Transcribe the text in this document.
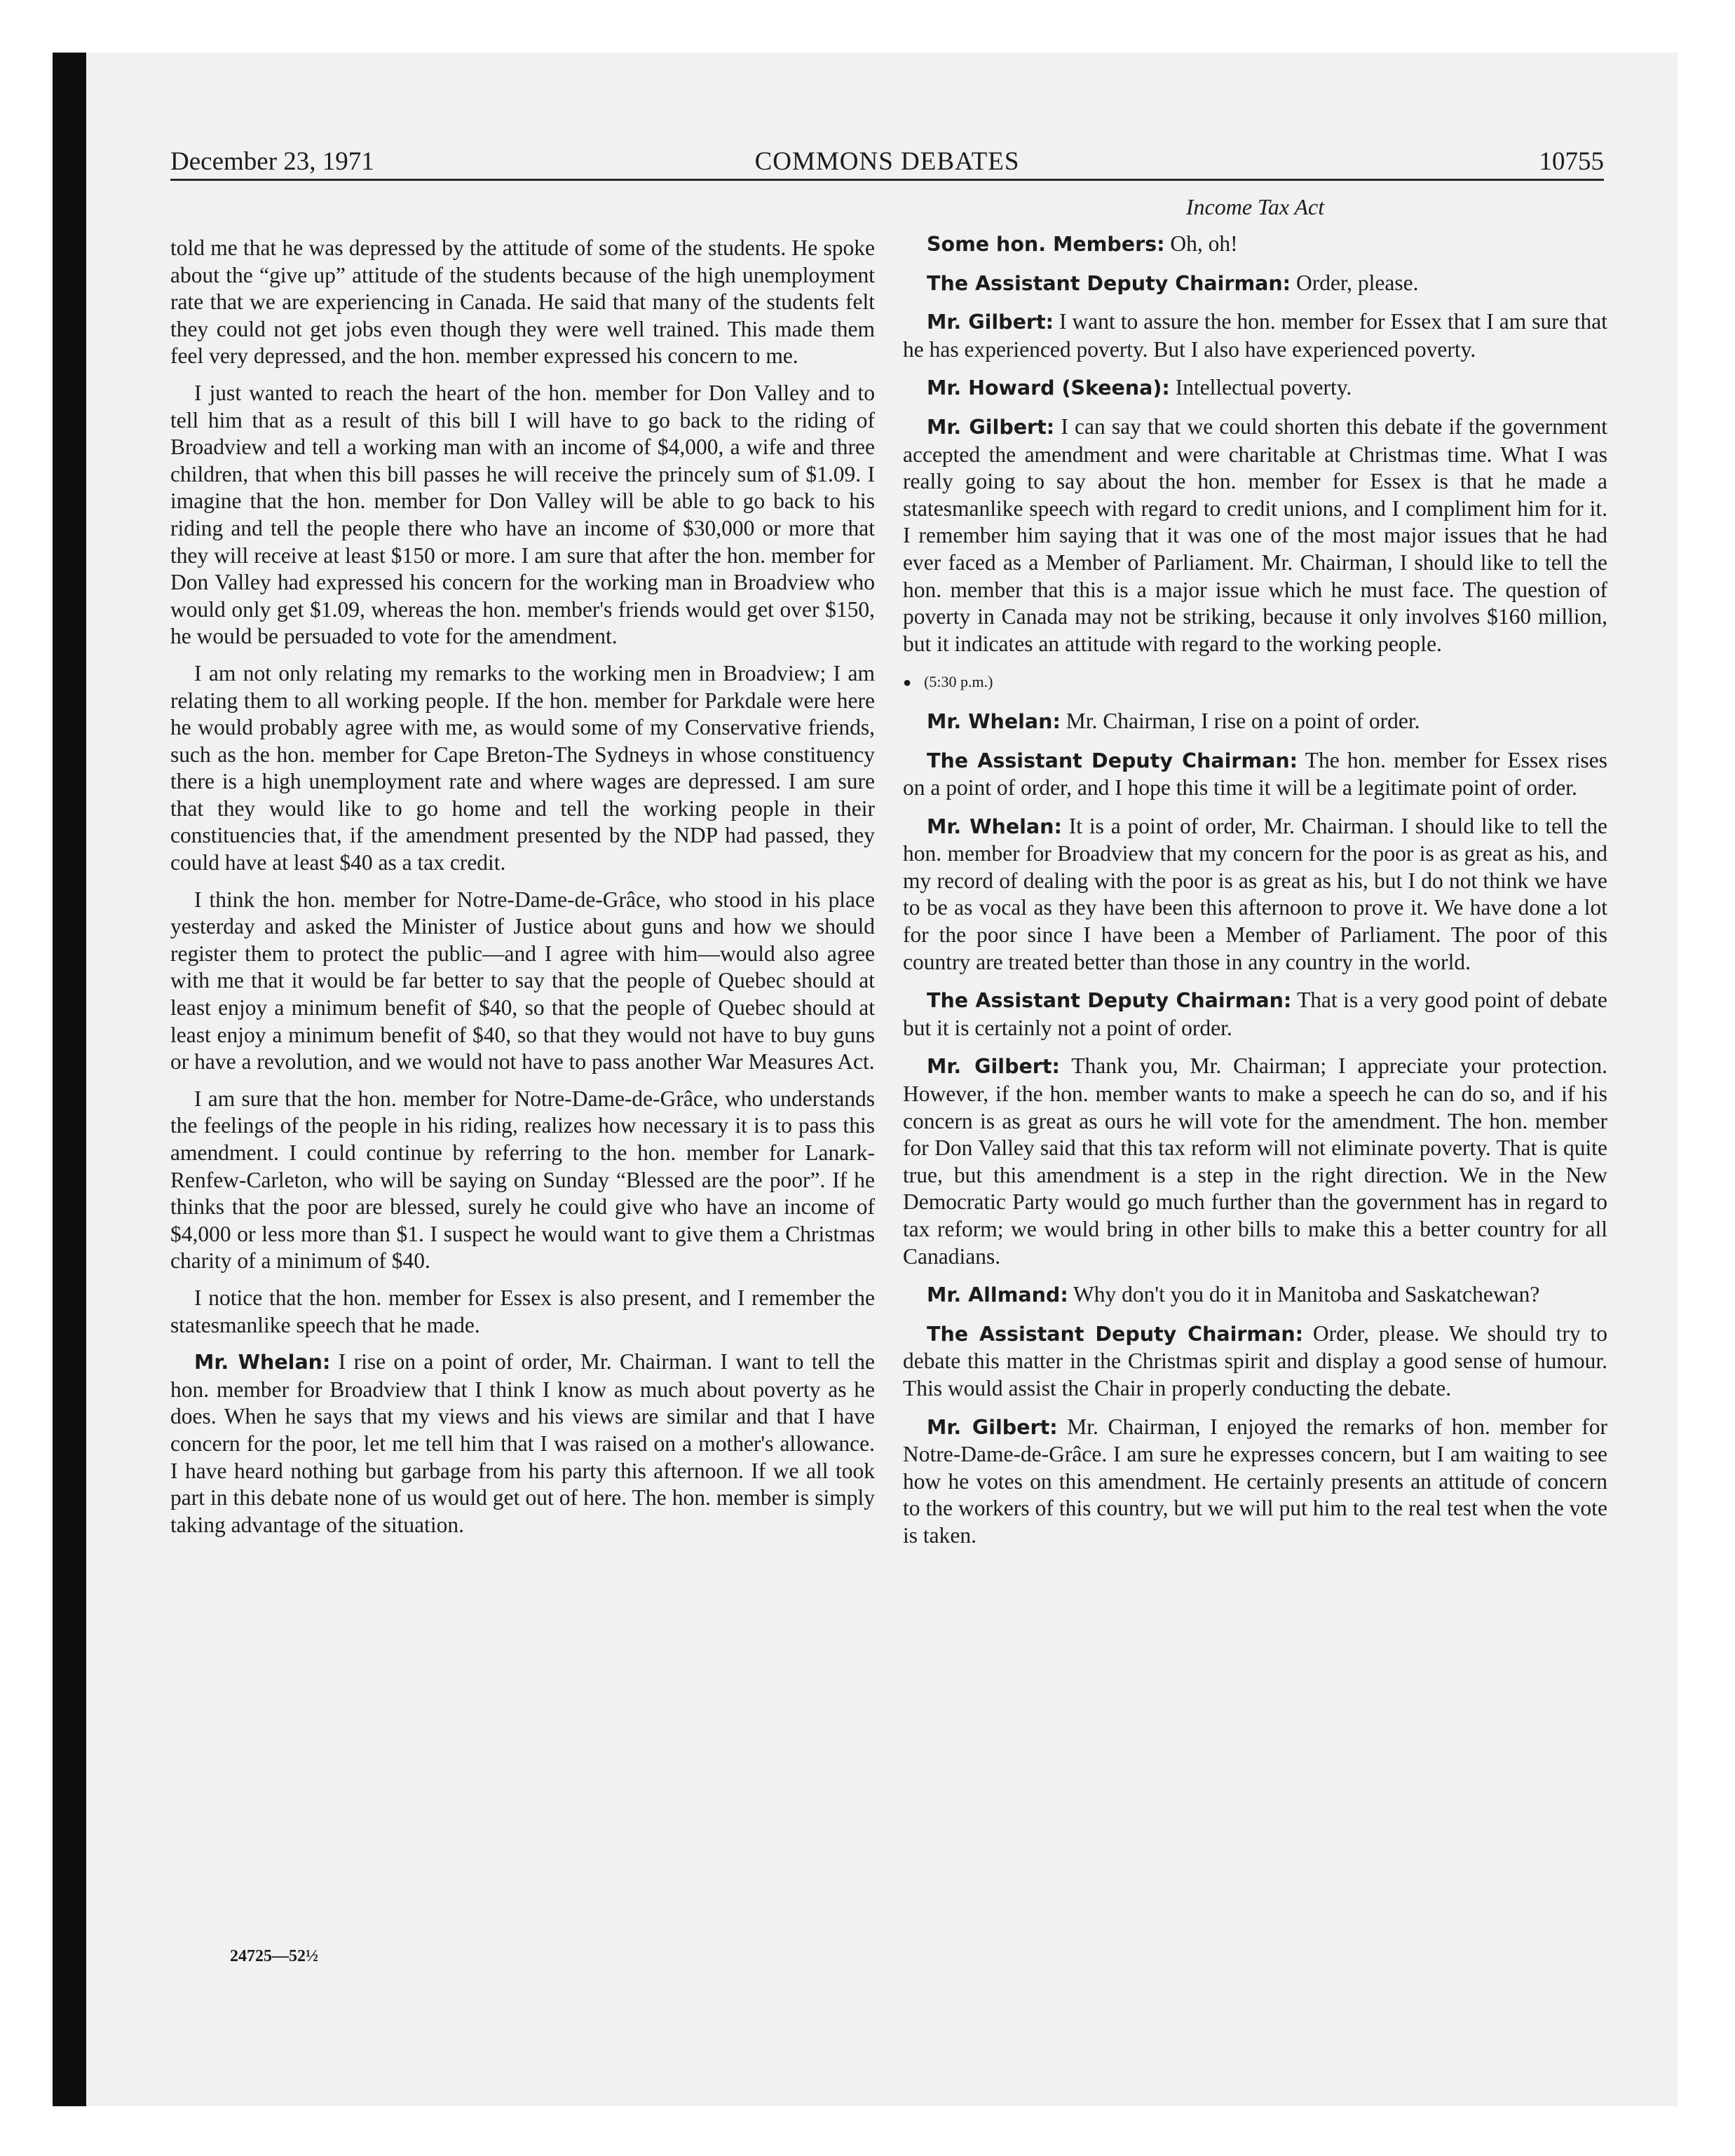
COMMONS DEBATES
December 23, 1971	10755

told me that he was depressed by the attitude of some of the students. He spoke about the “give up” attitude of the students because of the high unemployment rate that we are experiencing in Canada. He said that many of the students felt they could not get jobs even though they were well trained. This made them feel very depressed, and the hon. member expressed his concern to me.

I just wanted to reach the heart of the hon. member for Don Valley and to tell him that as a result of this bill I will have to go back to the riding of Broadview and tell a working man with an income of $4,000, a wife and three children, that when this bill passes he will receive the princely sum of $1.09. I imagine that the hon. member for Don Valley will be able to go back to his riding and tell the people there who have an income of $30,000 or more that they will receive at least $150 or more. I am sure that after the hon. member for Don Valley had expressed his concern for the working man in Broadview who would only get $1.09, whereas the hon. member's friends would get over $150, he would be persuaded to vote for the amendment.

I am not only relating my remarks to the working men in Broadview; I am relating them to all working people. If the hon. member for Parkdale were here he would probably agree with me, as would some of my Conservative friends, such as the hon. member for Cape Breton-The Sydneys in whose constituency there is a high unemployment rate and where wages are depressed. I am sure that they would like to go home and tell the working people in their constituencies that, if the amendment presented by the NDP had passed, they could have at least $40 as a tax credit.

I think the hon. member for Notre-Dame-de-Grâce, who stood in his place yesterday and asked the Minister of Justice about guns and how we should register them to protect the public—and I agree with him—would also agree with me that it would be far better to say that the people of Quebec should at least enjoy a minimum benefit of $40, so that the people of Quebec should at least enjoy a minimum benefit of $40, so that they would not have to buy guns or have a revolution, and we would not have to pass another War Measures Act.

I am sure that the hon. member for Notre-Dame-de-Grâce, who understands the feelings of the people in his riding, realizes how necessary it is to pass this amendment. I could continue by referring to the hon. member for Lanark-Renfew-Carleton, who will be saying on Sunday “Blessed are the poor”. If he thinks that the poor are blessed, surely he could give who have an income of $4,000 or less more than $1. I suspect he would want to give them a Christmas charity of a minimum of $40.

I notice that the hon. member for Essex is also present, and I remember the statesmanlike speech that he made.

Mr. Whelan: I rise on a point of order, Mr. Chairman. I want to tell the hon. member for Broadview that I think I know as much about poverty as he does. When he says that my views and his views are similar and that I have concern for the poor, let me tell him that I was raised on a mother's allowance. I have heard nothing but garbage from his party this afternoon. If we all took part in this debate none of us would get out of here. The hon. member is simply taking advantage of the situation.

Income Tax Act

Some hon. Members: Oh, oh!

The Assistant Deputy Chairman: Order, please.

Mr. Gilbert: I want to assure the hon. member for Essex that I am sure that he has experienced poverty. But I also have experienced poverty.

Mr. Howard (Skeena): Intellectual poverty.

Mr. Gilbert: I can say that we could shorten this debate if the government accepted the amendment and were charitable at Christmas time. What I was really going to say about the hon. member for Essex is that he made a statesmanlike speech with regard to credit unions, and I compliment him for it. I remember him saying that it was one of the most major issues that he had ever faced as a Member of Parliament. Mr. Chairman, I should like to tell the hon. member that this is a major issue which he must face. The question of poverty in Canada may not be striking, because it only involves $160 million, but it indicates an attitude with regard to the working people.

● (5:30 p.m.)

Mr. Whelan: Mr. Chairman, I rise on a point of order.

The Assistant Deputy Chairman: The hon. member for Essex rises on a point of order, and I hope this time it will be a legitimate point of order.

Mr. Whelan: It is a point of order, Mr. Chairman. I should like to tell the hon. member for Broadview that my concern for the poor is as great as his, and my record of dealing with the poor is as great as his, but I do not think we have to be as vocal as they have been this afternoon to prove it. We have done a lot for the poor since I have been a Member of Parliament. The poor of this country are treated better than those in any country in the world.

The Assistant Deputy Chairman: That is a very good point of debate but it is certainly not a point of order.

Mr. Gilbert: Thank you, Mr. Chairman; I appreciate your protection. However, if the hon. member wants to make a speech he can do so, and if his concern is as great as ours he will vote for the amendment. The hon. member for Don Valley said that this tax reform will not eliminate poverty. That is quite true, but this amendment is a step in the right direction. We in the New Democratic Party would go much further than the government has in regard to tax reform; we would bring in other bills to make this a better country for all Canadians.

Mr. Allmand: Why don't you do it in Manitoba and Saskatchewan?

The Assistant Deputy Chairman: Order, please. We should try to debate this matter in the Christmas spirit and display a good sense of humour. This would assist the Chair in properly conducting the debate.

Mr. Gilbert: Mr. Chairman, I enjoyed the remarks of hon. member for Notre-Dame-de-Grâce. I am sure he expresses concern, but I am waiting to see how he votes on this amendment. He certainly presents an attitude of concern to the workers of this country, but we will put him to the real test when the vote is taken.

24725—52½
